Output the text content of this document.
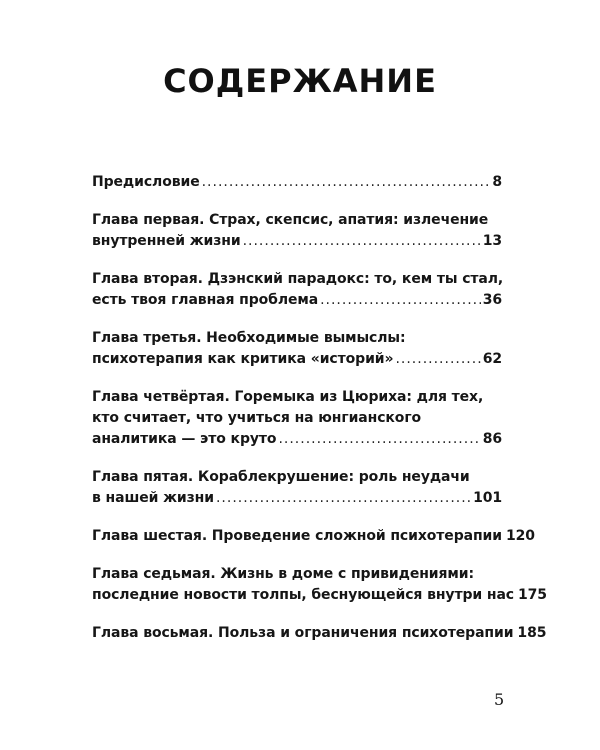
СОДЕРЖАНИЕ
Предисловие .....	8
Глава первая. Страх, скепсис, апатия: излечение
внутренней жизни .....	13
Глава вторая. Дзэнский парадокс: то, кем ты стал,
есть твоя главная проблема .....	36
Глава третья. Необходимые вымыслы:
психотерапия как критика «историй» .....	62
Глава четвёртая. Горемыка из Цюриха: для тех,
кто считает, что учиться на юнгианского
аналитика — это круто .....	86
Глава пятая. Кораблекрушение: роль неудачи
в нашей жизни .....	101
Глава шестая. Проведение сложной психотерапии 120
Глава седьмая. Жизнь в доме с привидениями:
последние новости толпы, беснующейся внутри нас 175
Глава восьмая. Польза и ограничения психотерапии 185
5
